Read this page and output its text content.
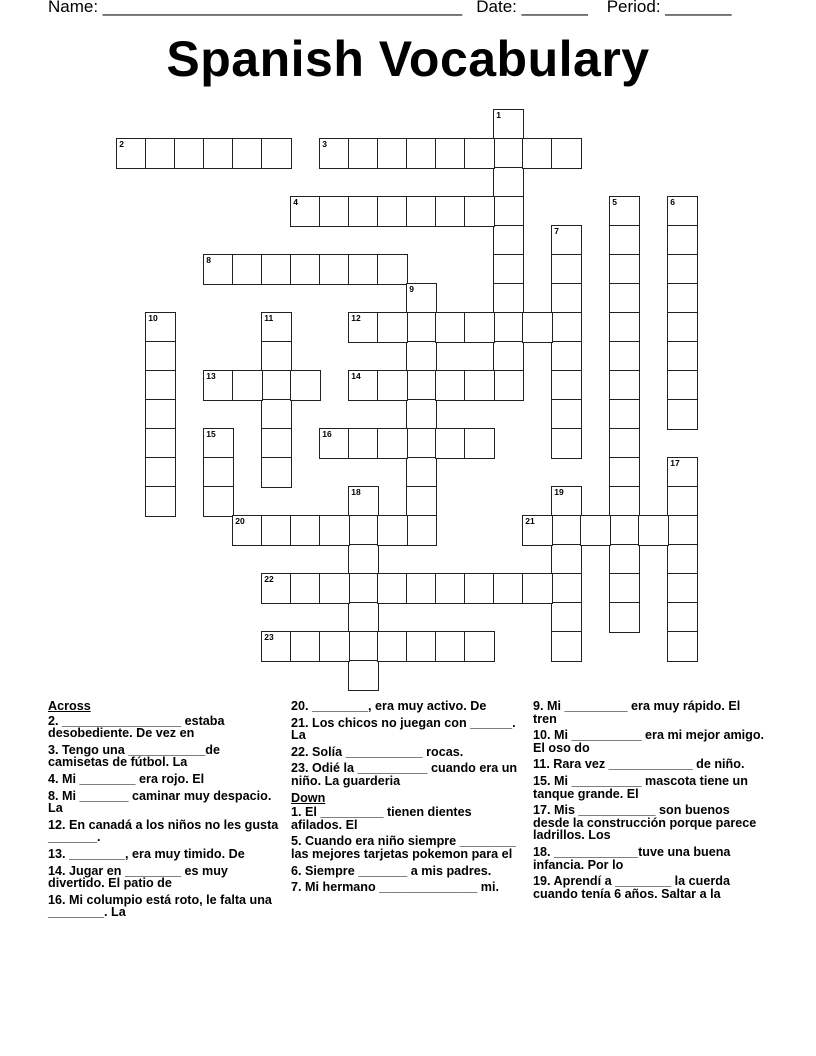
Name: ______________________________________ Date: _______ Period: _______
Spanish Vocabulary
1
2	3
4	5	6
7
8
9
10	11	12
13	14
15	16
17
18	19
20	21
22
23
Across
2. _________________ estaba desobediente. De vez en
3. Tengo una ___________de camisetas de fútbol. La
4. Mi ________ era rojo. El
8. Mi _______ caminar muy despacio. La
12. En canadá a los niños no les gusta _______.
13. ________, era muy timido. De
14. Jugar en ________ es muy divertido. El patio de
16. Mi columpio está roto, le falta una ________. La
20. ________, era muy activo. De
21. Los chicos no juegan con ______. La
22. Solía ___________ rocas.
23. Odié la __________ cuando era un niño. La guarderia
Down
1. El _________ tienen dientes afilados. El
5. Cuando era niño siempre ________ las mejores tarjetas pokemon para el
6. Siempre _______ a mis padres.
7. Mi hermano ______________ mi.
9. Mi _________ era muy rápido. El tren
10. Mi __________ era mi mejor amigo. El oso do
11. Rara vez ____________ de niño.
15. Mi __________ mascota tiene un tanque grande. El
17. Mis ___________ son buenos desde la construcción porque parece ladrillos. Los
18. ____________tuve una buena infancia. Por lo
19. Aprendí a ________ la cuerda cuando tenía 6 años. Saltar a la
